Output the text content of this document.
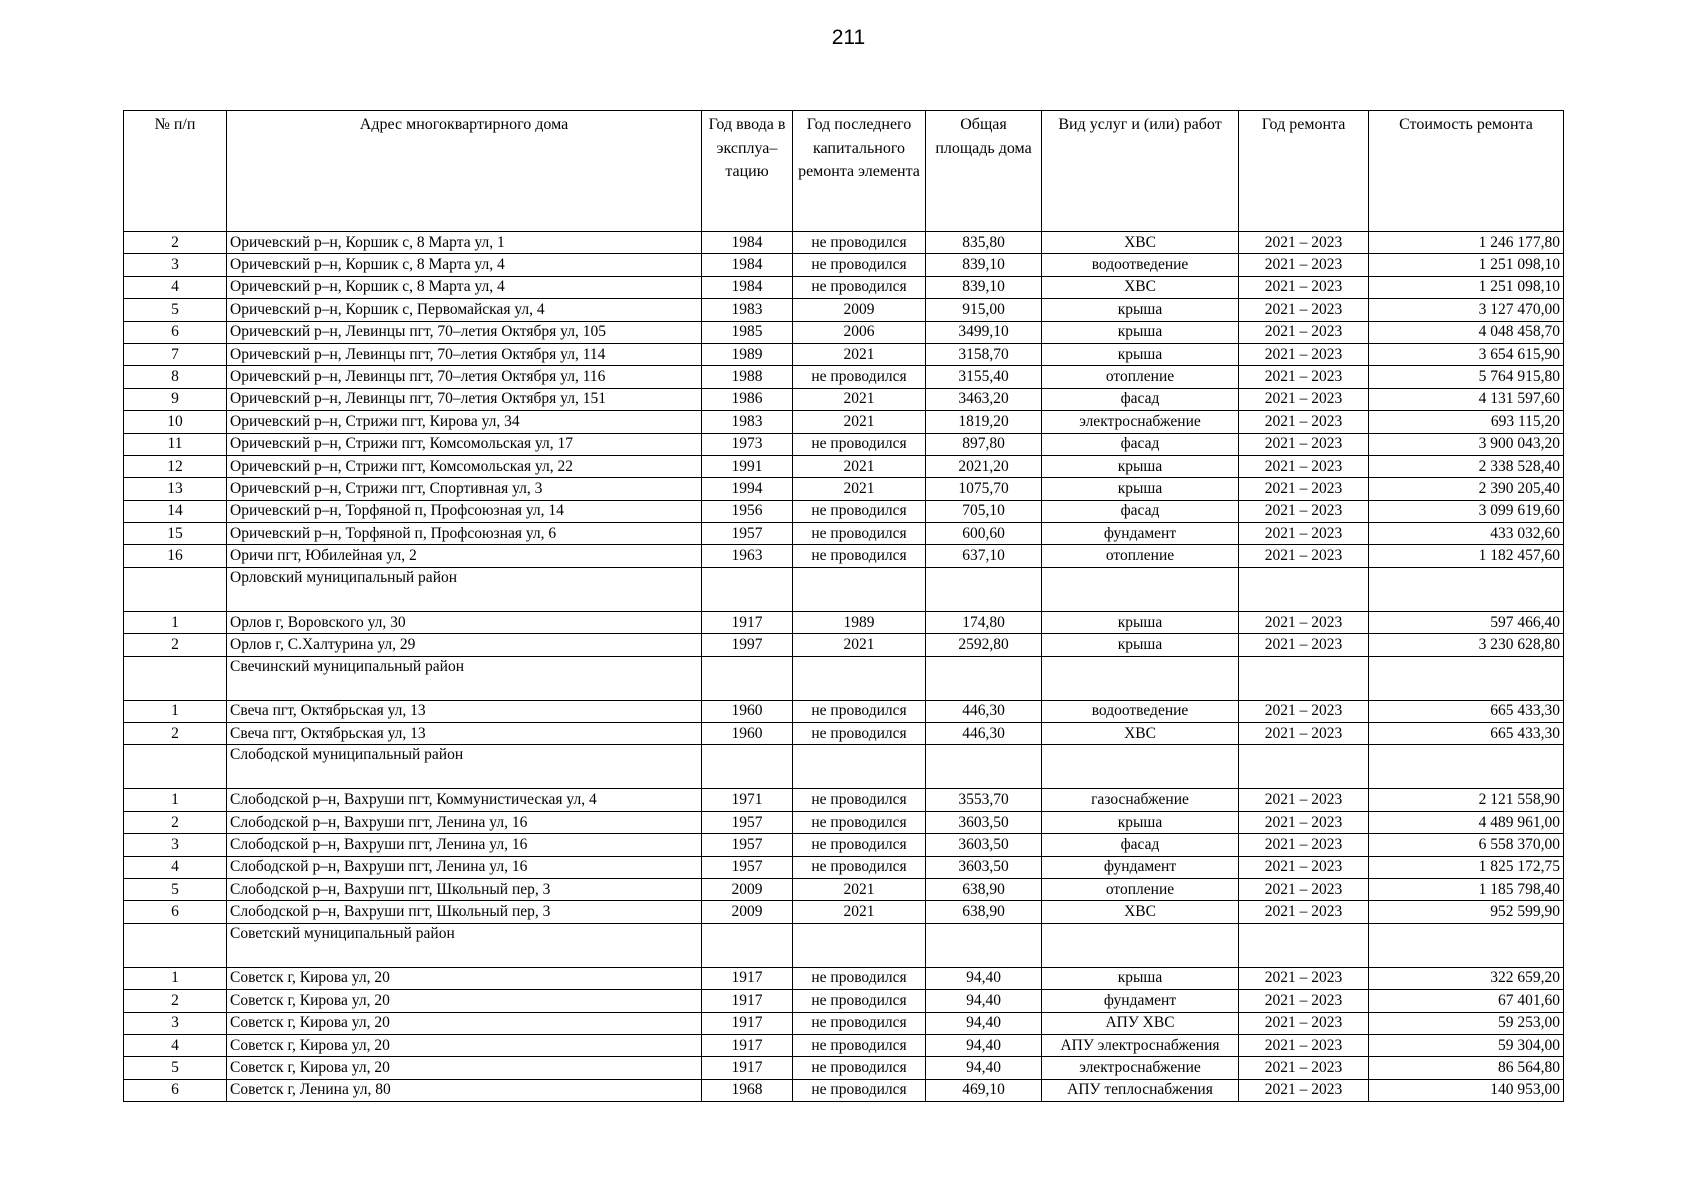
211
№ п/п	Адрес многоквартирного дома	Год ввода в эксплуа–тацию	Год последнего капитального ремонта элемента	Общая площадь дома	Вид услуг и (или) работ	Год ремонта	Стоимость ремонта
2	Оричевский р–н, Коршик с, 8 Марта ул, 1	1984	не проводился	835,80	ХВС	2021 – 2023	1 246 177,80
3	Оричевский р–н, Коршик с, 8 Марта ул, 4	1984	не проводился	839,10	водоотведение	2021 – 2023	1 251 098,10
4	Оричевский р–н, Коршик с, 8 Марта ул, 4	1984	не проводился	839,10	ХВС	2021 – 2023	1 251 098,10
5	Оричевский р–н, Коршик с, Первомайская ул, 4	1983	2009	915,00	крыша	2021 – 2023	3 127 470,00
6	Оричевский р–н, Левинцы пгт, 70–летия Октября ул, 105	1985	2006	3499,10	крыша	2021 – 2023	4 048 458,70
7	Оричевский р–н, Левинцы пгт, 70–летия Октября ул, 114	1989	2021	3158,70	крыша	2021 – 2023	3 654 615,90
8	Оричевский р–н, Левинцы пгт, 70–летия Октября ул, 116	1988	не проводился	3155,40	отопление	2021 – 2023	5 764 915,80
9	Оричевский р–н, Левинцы пгт, 70–летия Октября ул, 151	1986	2021	3463,20	фасад	2021 – 2023	4 131 597,60
10	Оричевский р–н, Стрижи пгт, Кирова ул, 34	1983	2021	1819,20	электроснабжение	2021 – 2023	693 115,20
11	Оричевский р–н, Стрижи пгт, Комсомольская ул, 17	1973	не проводился	897,80	фасад	2021 – 2023	3 900 043,20
12	Оричевский р–н, Стрижи пгт, Комсомольская ул, 22	1991	2021	2021,20	крыша	2021 – 2023	2 338 528,40
13	Оричевский р–н, Стрижи пгт, Спортивная ул, 3	1994	2021	1075,70	крыша	2021 – 2023	2 390 205,40
14	Оричевский р–н, Торфяной п, Профсоюзная ул, 14	1956	не проводился	705,10	фасад	2021 – 2023	3 099 619,60
15	Оричевский р–н, Торфяной п, Профсоюзная ул, 6	1957	не проводился	600,60	фундамент	2021 – 2023	433 032,60
16	Оричи пгт, Юбилейная ул, 2	1963	не проводился	637,10	отопление	2021 – 2023	1 182 457,60
	Орловский муниципальный район						
1	Орлов г, Воровского ул, 30	1917	1989	174,80	крыша	2021 – 2023	597 466,40
2	Орлов г, С.Халтурина ул, 29	1997	2021	2592,80	крыша	2021 – 2023	3 230 628,80
	Свечинский муниципальный район						
1	Свеча пгт, Октябрьская ул, 13	1960	не проводился	446,30	водоотведение	2021 – 2023	665 433,30
2	Свеча пгт, Октябрьская ул, 13	1960	не проводился	446,30	ХВС	2021 – 2023	665 433,30
	Слободской муниципальный район						
1	Слободской р–н, Вахруши пгт, Коммунистическая ул, 4	1971	не проводился	3553,70	газоснабжение	2021 – 2023	2 121 558,90
2	Слободской р–н, Вахруши пгт, Ленина ул, 16	1957	не проводился	3603,50	крыша	2021 – 2023	4 489 961,00
3	Слободской р–н, Вахруши пгт, Ленина ул, 16	1957	не проводился	3603,50	фасад	2021 – 2023	6 558 370,00
4	Слободской р–н, Вахруши пгт, Ленина ул, 16	1957	не проводился	3603,50	фундамент	2021 – 2023	1 825 172,75
5	Слободской р–н, Вахруши пгт, Школьный пер, 3	2009	2021	638,90	отопление	2021 – 2023	1 185 798,40
6	Слободской р–н, Вахруши пгт, Школьный пер, 3	2009	2021	638,90	ХВС	2021 – 2023	952 599,90
	Советский муниципальный район						
1	Советск г, Кирова ул, 20	1917	не проводился	94,40	крыша	2021 – 2023	322 659,20
2	Советск г, Кирова ул, 20	1917	не проводился	94,40	фундамент	2021 – 2023	67 401,60
3	Советск г, Кирова ул, 20	1917	не проводился	94,40	АПУ ХВС	2021 – 2023	59 253,00
4	Советск г, Кирова ул, 20	1917	не проводился	94,40	АПУ электроснабжения	2021 – 2023	59 304,00
5	Советск г, Кирова ул, 20	1917	не проводился	94,40	электроснабжение	2021 – 2023	86 564,80
6	Советск г, Ленина ул, 80	1968	не проводился	469,10	АПУ теплоснабжения	2021 – 2023	140 953,00
